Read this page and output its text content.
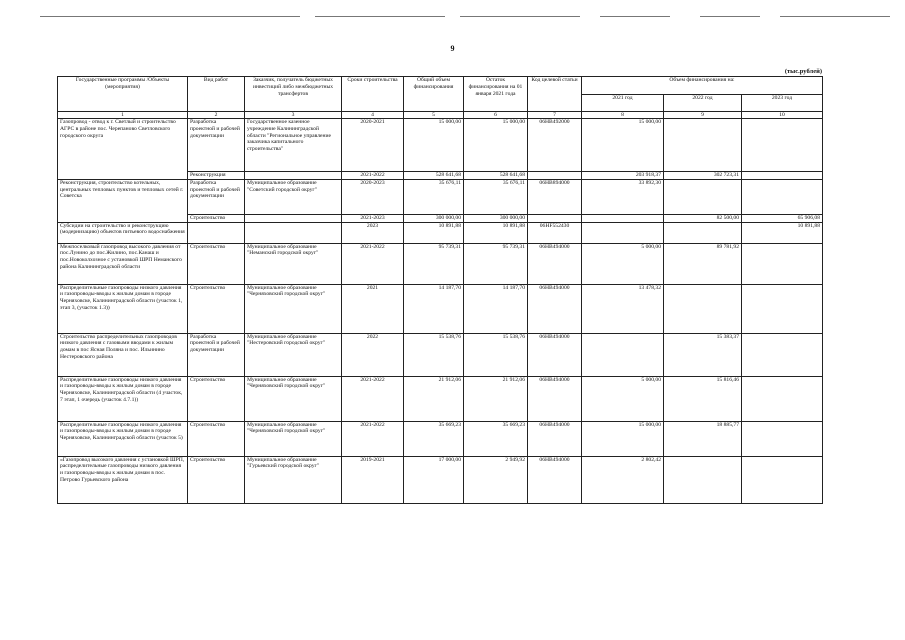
9
(тыс.рублей)
Государственные программы /Объекты (мероприятия)	Вид работ	Заказчик, получатель бюджетных инвестиций либо межбюджетных трансфертов	Сроки строительства	Общий объем финансирования	Остаток финансирования на 01 января 2021 года	Код целевой статьи	Объем финансирования на:		
							2021 год	2022 год	2023 год
1	2	3	4	5	6	7	8	9	10
Газопровод - отвод к г. Светлый и строительство АГРС в районе пос. Черепаново Светловского городского округа	Разработка проектной и рабочей документации	Государственное казенное учреждение Калининградской области "Региональное управление заказчика капитального строительства"	2020-2021	15 000,00	15 000,00	06НВ492000	15 000,00		
	Реконструкция		2021-2022	528 641,68	528 641,68		203 918,37	302 723,31	
Реконструкция, строительство котельных, центральных тепловых пунктов и тепловых сетей г. Советска	Разработка проектной и рабочей документации	Муниципальное образование "Советский городской округ"	2020-2023	35 676,11	35 676,11	06НВ894000	33 892,30		
	Строительство		2021-2023	300 000,00	300 000,00			82 500,00	65 906,08
Субсидии на строительство и реконструкцию (модернизацию) объектов питьевого водоснабжения			2023	10 891,88	10 891,88	06НF552430			10 891,88
Межпоселковый газопровод высокого давления от пос.Лунино до пос.Жилино, пос.Канаш и пос.Новоколхозное с установкой ШРП Неманского района Калининградской области	Строительство	Муниципальное образование "Неманский городской округ"	2021-2022	95 739,31	95 739,31	06НВ494000	5 000,00	89 781,92	
Распределительные газопроводы низкого давления и газопроводы-вводы к жилым домам в городе Черняховске, Калининградской области (участок 1, этап 3, (участок 1.3))	Строительство	Муниципальное образование "Черняховский городской округ"	2021	14 187,70	14 187,70	06НВ494000	13 478,32		
Строительство распределительных газопроводов низкого давления с газовыми вводами к жилым домам в пос Ясная Поляна и пос. Ильинино Нестеровского района	Разработка проектной и рабочей документации	Муниципальное образование "Нестеровский городской округ"	2022	15 538,76	15 538,76	06НВ494000		15 383,37	
Распределительные газопроводы низкого давления и газопроводы-вводы к жилым домам в городе Черняховске, Калининградской области (4 участок, 7 этап, 1 очередь (участок 4.7.1))	Строительство	Муниципальное образование "Черняховский городской округ"	2021-2022	21 912,06	21 912,06	06НВ494000	5 000,00	15 816,46	
Распределительные газопроводы низкого давления и газопроводы-вводы к жилым домам в городе Черняховске, Калининградской области (участок 5)	Строительство	Муниципальное образование "Черняховский городской округ"	2021-2022	35 669,23	35 669,23	06НВ494000	15 000,00	18 885,77	
«Газопровод высокого давления с установкой ШРП, распределительные газопроводы низкого давления и газопроводы-вводы к жилым домам в пос. Петрово Гурьевского района	Строительство	Муниципальное образование "Гурьевский городской округ"	2019-2021	17 000,00	2 949,92	06НВ494000	2 802,42		
